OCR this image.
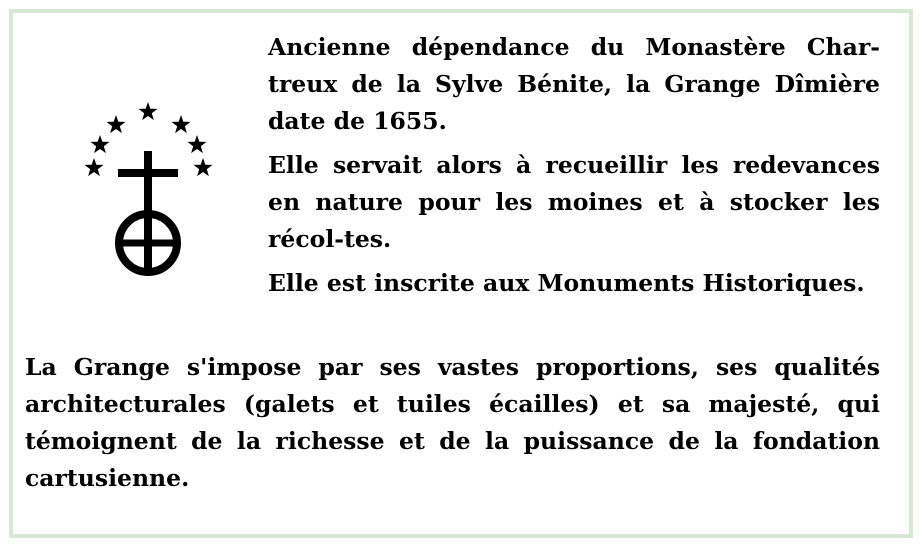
Ancienne dépendance du Monastère Char-treux de la Sylve Bénite, la Grange Dîmière date de 1655.

Elle servait alors à recueillir les redevances en nature pour les moines et à stocker les récol-tes.

Elle est inscrite aux Monuments Historiques.

La Grange s'impose par ses vastes proportions, ses qualités architecturales (galets et tuiles écailles) et sa majesté, qui témoignent de la richesse et de la puissance de la fondation cartusienne.
